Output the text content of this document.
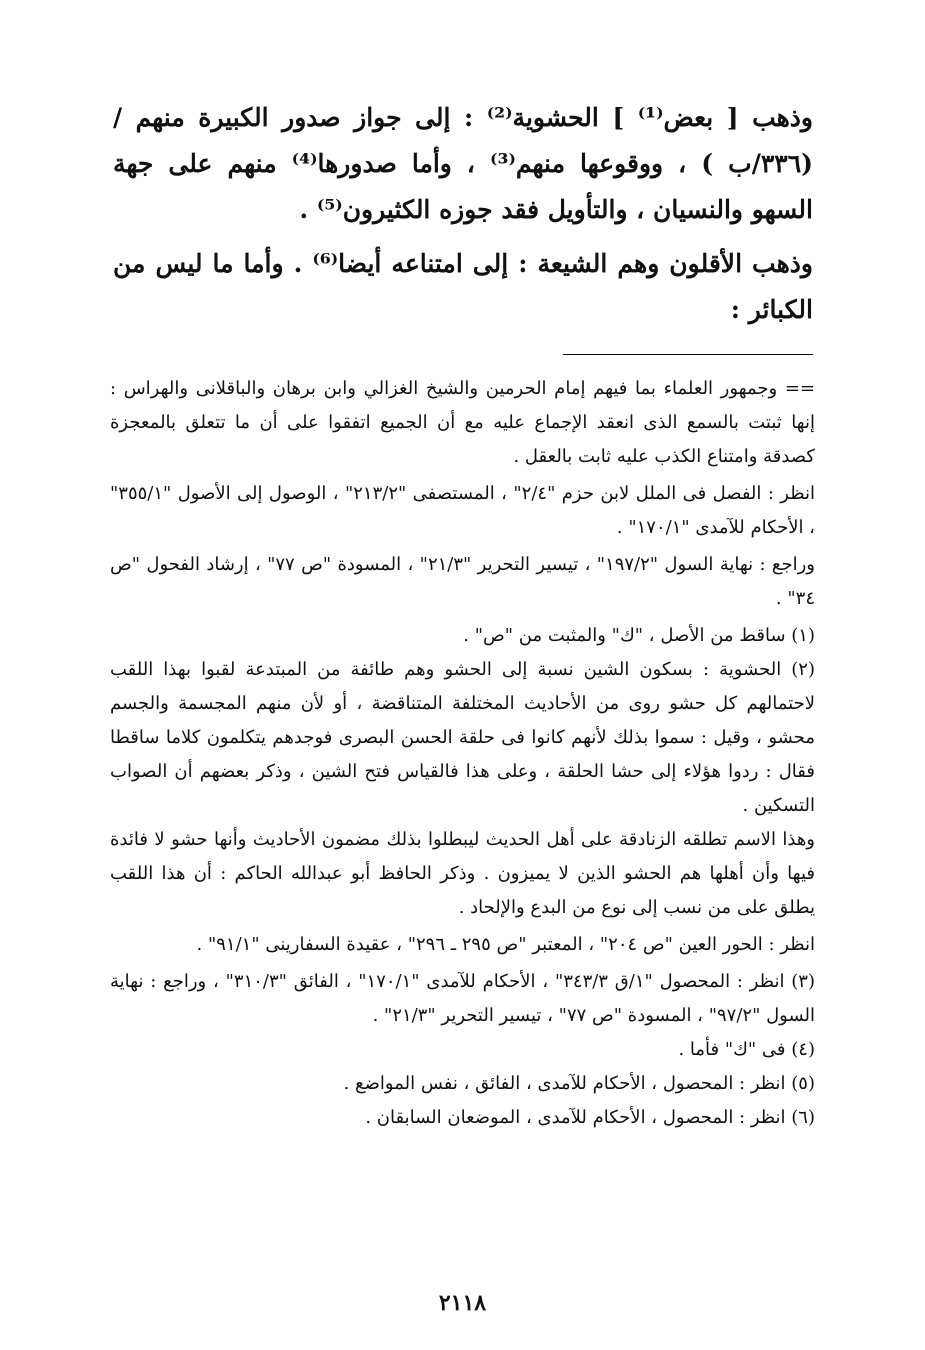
وذهب [ بعض⁽¹⁾ ] الحشوية⁽²⁾ : إلى جواز صدور الكبيرة منهم / (٣٣٦/ب ) ، ووقوعها منهم⁽³⁾ ، وأما صدورها⁽⁴⁾ منهم على جهة السهو والنسيان ، والتأويل فقد جوزه الكثيرون⁽⁵⁾ .

وذهب الأقلون وهم الشيعة : إلى امتناعه أيضا⁽⁶⁾ . وأما ما ليس من الكبائر :

== وجمهور العلماء بما فيهم إمام الحرمين والشيخ الغزالي وابن برهان والباقلانى والهراس : إنها ثبتت بالسمع الذى انعقد الإجماع عليه مع أن الجميع اتفقوا على أن ما تتعلق بالمعجزة كصدقة وامتناع الكذب عليه ثابت بالعقل .

انظر : الفصل فى الملل لابن حزم "٢/٤" ، المستصفى "٢١٣/٢" ، الوصول إلى الأصول "٣٥٥/١" ، الأحكام للآمدى "١٧٠/١" .

وراجع : نهاية السول "١٩٧/٢" ، تيسير التحرير "٢١/٣" ، المسودة "ص ٧٧" ، إرشاد الفحول "ص ٣٤" .

(١) ساقط من الأصل ، "ك" والمثبت من "ص" .

(٢) الحشوية : بسكون الشين نسبة إلى الحشو وهم طائفة من المبتدعة لقبوا بهذا اللقب لاحتمالهم كل حشو روى من الأحاديث المختلفة المتناقضة ، أو لأن منهم المجسمة والجسم محشو ، وقيل : سموا بذلك لأنهم كانوا فى حلقة الحسن البصرى فوجدهم يتكلمون كلاما ساقطا فقال : ردوا هؤلاء إلى حشا الحلقة ، وعلى هذا فالقياس فتح الشين ، وذكر بعضهم أن الصواب التسكين .

وهذا الاسم تطلقه الزنادقة على أهل الحديث ليبطلوا بذلك مضمون الأحاديث وأنها حشو لا فائدة فيها وأن أهلها هم الحشو الذين لا يميزون . وذكر الحافظ أبو عبدالله الحاكم : أن هذا اللقب يطلق على من نسب إلى نوع من البدع والإلحاد .

انظر : الحور العين "ص ٢٠٤" ، المعتبر "ص ٢٩٥ ـ ٢٩٦" ، عقيدة السفارينى "٩١/١" .

(٣) انظر : المحصول "١/ق ٣٤٣/٣" ، الأحكام للآمدى "١٧٠/١" ، الفائق "٣١٠/٣" ، وراجع : نهاية السول "٩٧/٢" ، المسودة "ص ٧٧" ، تيسير التحرير "٢١/٣" .

(٤) فى "ك" فأما .

(٥) انظر : المحصول ، الأحكام للآمدى ، الفائق ، نفس المواضع .

(٦) انظر : المحصول ، الأحكام للآمدى ، الموضعان السابقان .

٢١١٨
